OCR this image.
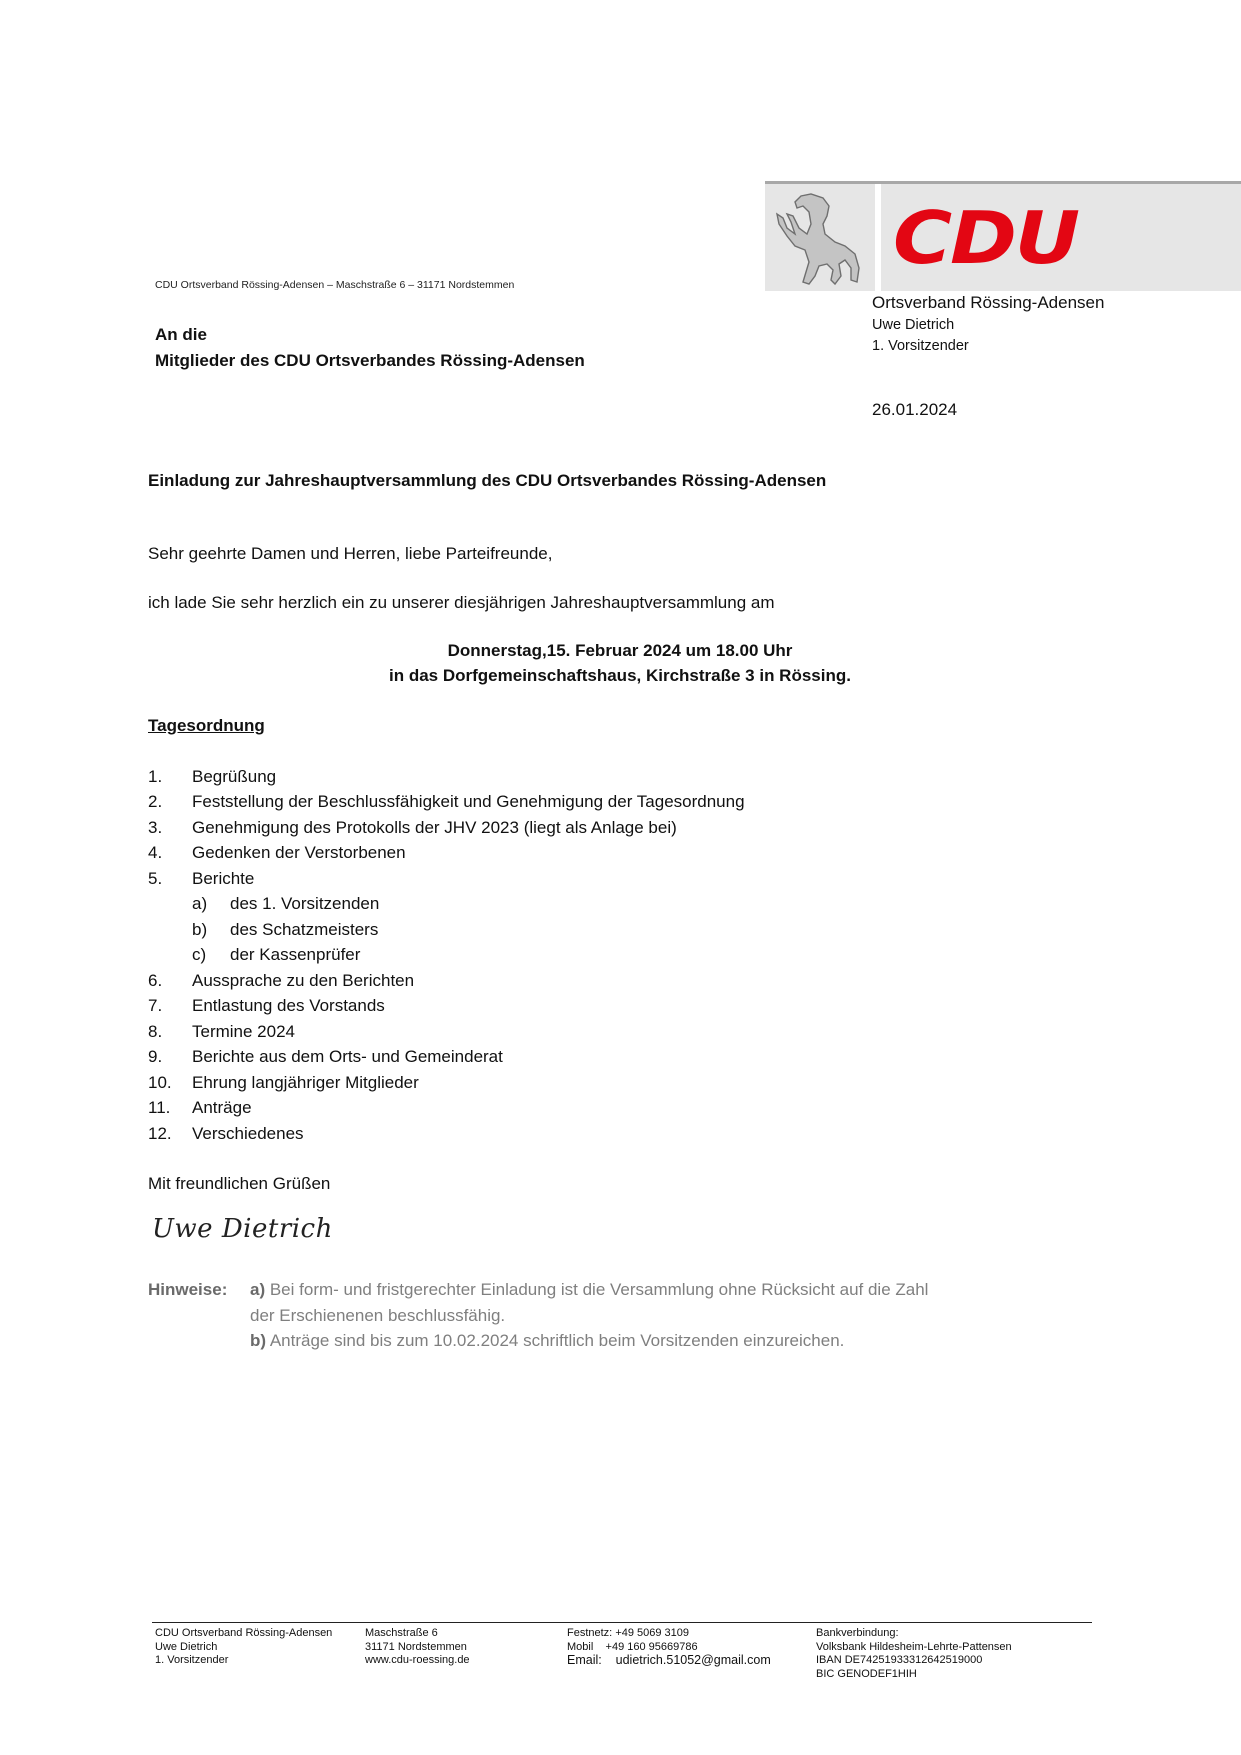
CDU
Ortsverband Rössing-Adensen
Uwe Dietrich
1. Vorsitzender
26.01.2024
CDU Ortsverband Rössing-Adensen – Maschstraße 6 – 31171 Nordstemmen
An die
Mitglieder des CDU Ortsverbandes Rössing-Adensen
Einladung zur Jahreshauptversammlung des CDU Ortsverbandes Rössing-Adensen
Sehr geehrte Damen und Herren, liebe Parteifreunde,
ich lade Sie sehr herzlich ein zu unserer diesjährigen Jahreshauptversammlung am
Donnerstag,15. Februar 2024 um 18.00 Uhr
in das Dorfgemeinschaftshaus, Kirchstraße 3 in Rössing.
Tagesordnung
1. Begrüßung
2. Feststellung der Beschlussfähigkeit und Genehmigung der Tagesordnung
3. Genehmigung des Protokolls der JHV 2023 (liegt als Anlage bei)
4. Gedenken der Verstorbenen
5. Berichte
a) des 1. Vorsitzenden
b) des Schatzmeisters
c) der Kassenprüfer
6. Aussprache zu den Berichten
7. Entlastung des Vorstands
8. Termine 2024
9. Berichte aus dem Orts- und Gemeinderat
10. Ehrung langjähriger Mitglieder
11. Anträge
12. Verschiedenes
Mit freundlichen Grüßen
Uwe Dietrich
Hinweise: a) Bei form- und fristgerechter Einladung ist die Versammlung ohne Rücksicht auf die Zahl
der Erschienenen beschlussfähig.
b) Anträge sind bis zum 10.02.2024 schriftlich beim Vorsitzenden einzureichen.
CDU Ortsverband Rössing-Adensen
Uwe Dietrich
1. Vorsitzender
Maschstraße 6
31171 Nordstemmen
www.cdu-roessing.de
Festnetz: +49 5069 3109
Mobil +49 160 95669786
Email: udietrich.51052@gmail.com
Bankverbindung:
Volksbank Hildesheim-Lehrte-Pattensen
IBAN DE74251933312642519000
BIC GENODEF1HIH
